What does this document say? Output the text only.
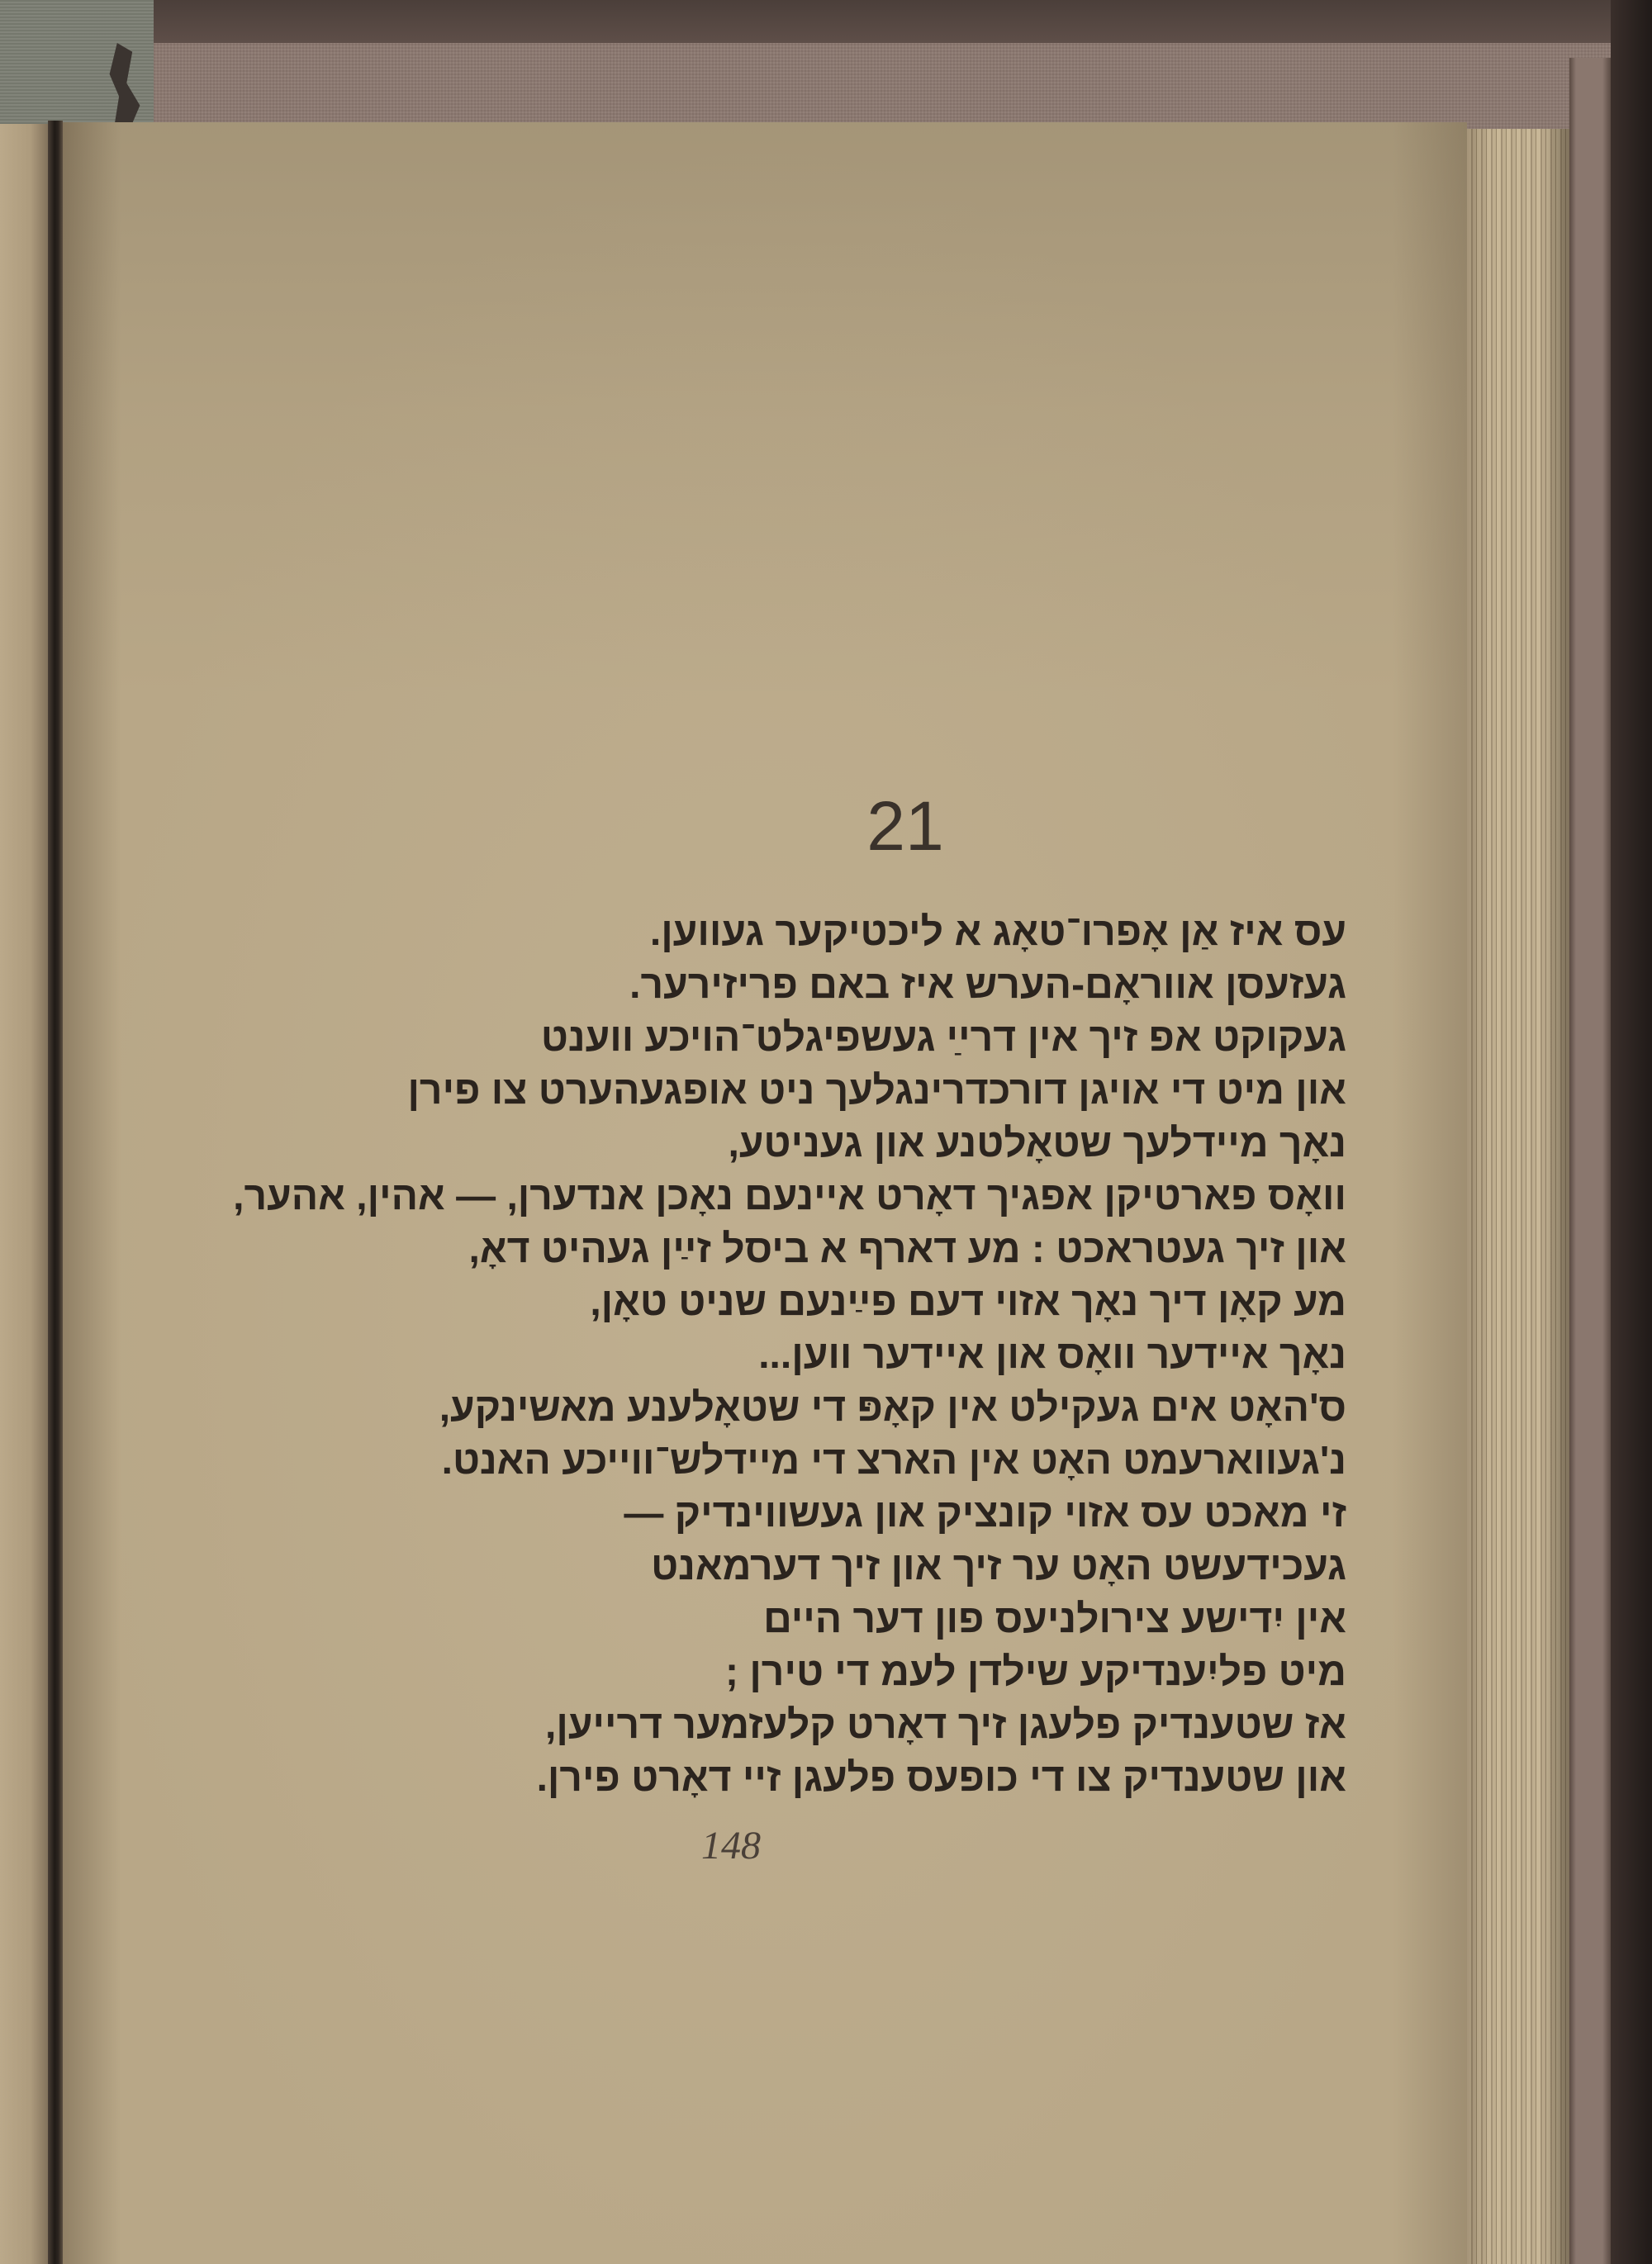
21
עס איז אַן אָפרו־טאָג א ליכטיקער געווען.
געזעסן אווראָם-הערש איז באם פריזירער.
געקוקט אפ זיך אין דרײַ געשפיגלט־הויכע ווענט
און מיט די אויגן דורכדרינגלעך ניט אופגעהערט צו פירן
נאָך מיידלעך שטאָלטנע און געניטע,
וואָס פארטיקן אפגיך דאָרט איינעם נאָכן אנדערן, — אהין, אהער,
און זיך געטראכט : מע דארף א ביסל זײַן געהיט דאָ,
מע קאָן דיך נאָך אזוי דעם פײַנעם שניט טאָן,
נאָך איידער וואָס און איידער ווען...
ס'האָט אים געקילט אין קאָפּ די שטאָלענע מאשינקע,
נ'געווארעמט האָט אין הארצ די מיידלש־ווייכע האנט.
זי מאכט עס אזוי קונציק און געשווינדיק —
געכידעשט האָט ער זיך און זיך דערמאנט
אין יִדישע צירולניעס פון דער היים
מיט פליִענדיקע שילדן לעמ די טירן ;
אז שטענדיק פלעגן זיך דאָרט קלעזמער דרייען,
און שטענדיק צו די כופעס פלעגן זיי דאָרט פירן.
148
